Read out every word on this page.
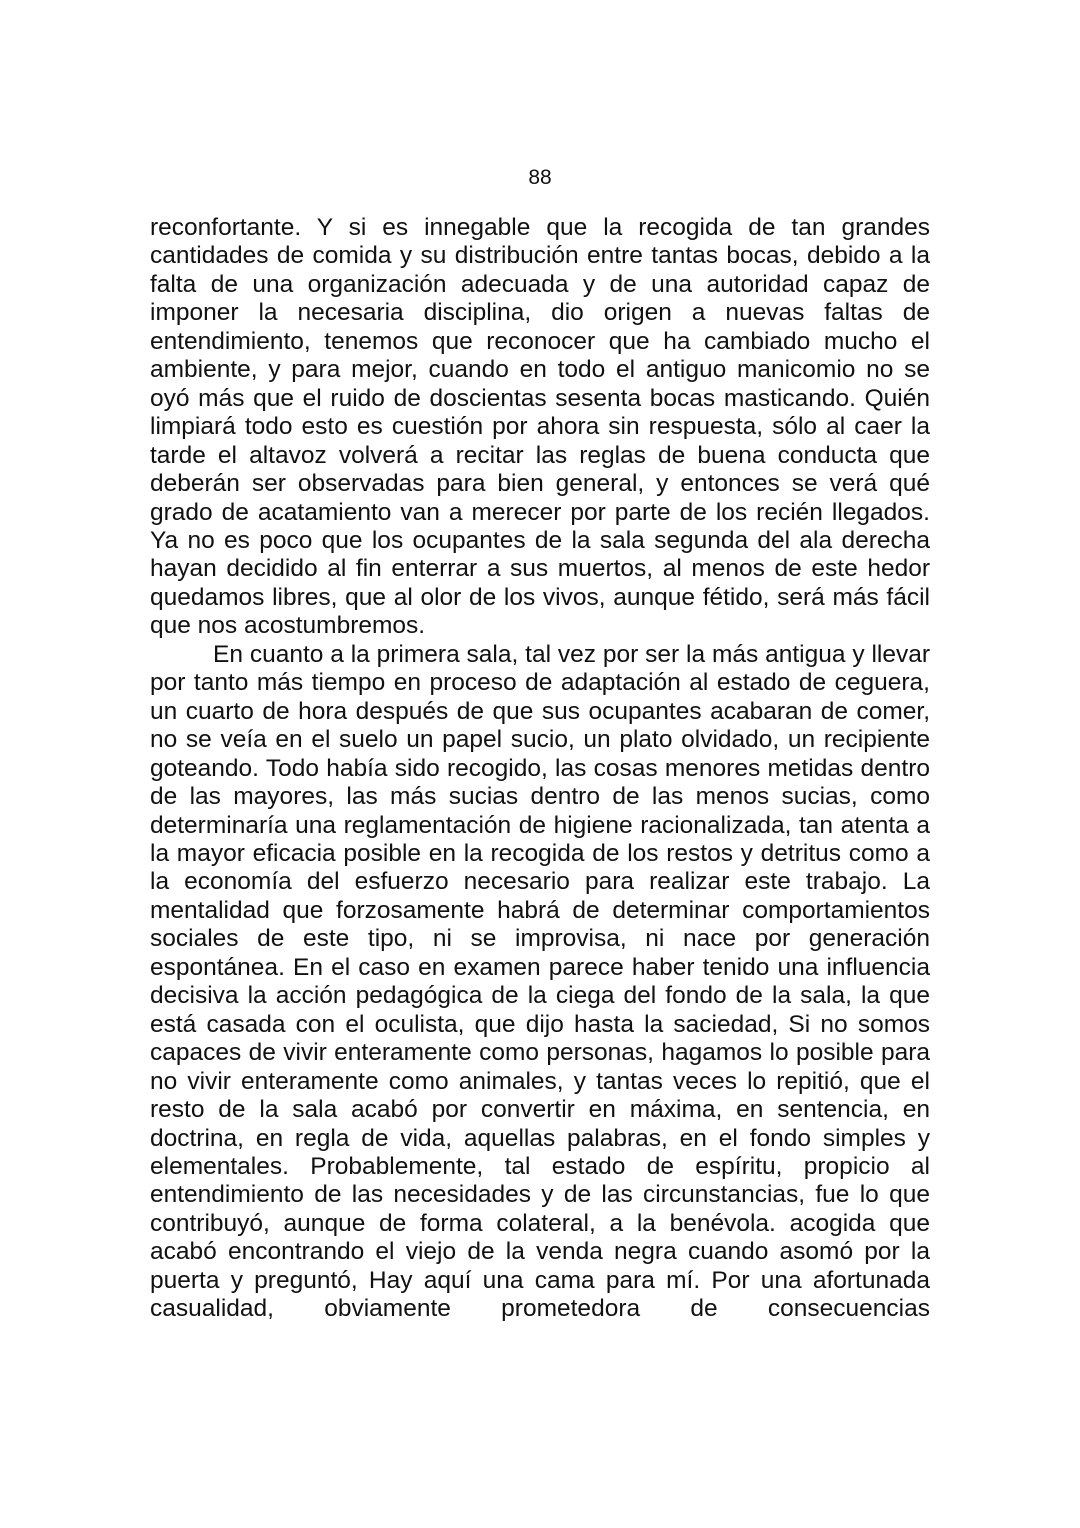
88

reconfortante. Y si es innegable que la recogida de tan grandes cantidades de comida y su distribución entre tantas bocas, debido a la falta de una organización adecuada y de una autoridad capaz de imponer la necesaria disciplina, dio origen a nuevas faltas de entendimiento, tenemos que reconocer que ha cambiado mucho el ambiente, y para mejor, cuando en todo el antiguo manicomio no se oyó más que el ruido de doscientas sesenta bocas masticando. Quién limpiará todo esto es cuestión por ahora sin respuesta, sólo al caer la tarde el altavoz volverá a recitar las reglas de buena conducta que deberán ser observadas para bien general, y entonces se verá qué grado de acatamiento van a merecer por parte de los recién llegados. Ya no es poco que los ocupantes de la sala segunda del ala derecha hayan decidido al fin enterrar a sus muertos, al menos de este hedor quedamos libres, que al olor de los vivos, aunque fétido, será más fácil que nos acostumbremos.

En cuanto a la primera sala, tal vez por ser la más antigua y llevar por tanto más tiempo en proceso de adaptación al estado de ceguera, un cuarto de hora después de que sus ocupantes acabaran de comer, no se veía en el suelo un papel sucio, un plato olvidado, un recipiente goteando. Todo había sido recogido, las cosas menores metidas dentro de las mayores, las más sucias dentro de las menos sucias, como determinaría una reglamentación de higiene racionalizada, tan atenta a la mayor eficacia posible en la recogida de los restos y detritus como a la economía del esfuerzo necesario para realizar este trabajo. La mentalidad que forzosamente habrá de determinar comportamientos sociales de este tipo, ni se improvisa, ni nace por generación espontánea. En el caso en examen parece haber tenido una influencia decisiva la acción pedagógica de la ciega del fondo de la sala, la que está casada con el oculista, que dijo hasta la saciedad, Si no somos capaces de vivir enteramente como personas, hagamos lo posible para no vivir enteramente como animales, y tantas veces lo repitió, que el resto de la sala acabó por convertir en máxima, en sentencia, en doctrina, en regla de vida, aquellas palabras, en el fondo simples y elementales. Probablemente, tal estado de espíritu, propicio al entendimiento de las necesidades y de las circunstancias, fue lo que contribuyó, aunque de forma colateral, a la benévola. acogida que acabó encontrando el viejo de la venda negra cuando asomó por la puerta y preguntó, Hay aquí una cama para mí. Por una afortunada casualidad, obviamente prometedora de consecuencias
